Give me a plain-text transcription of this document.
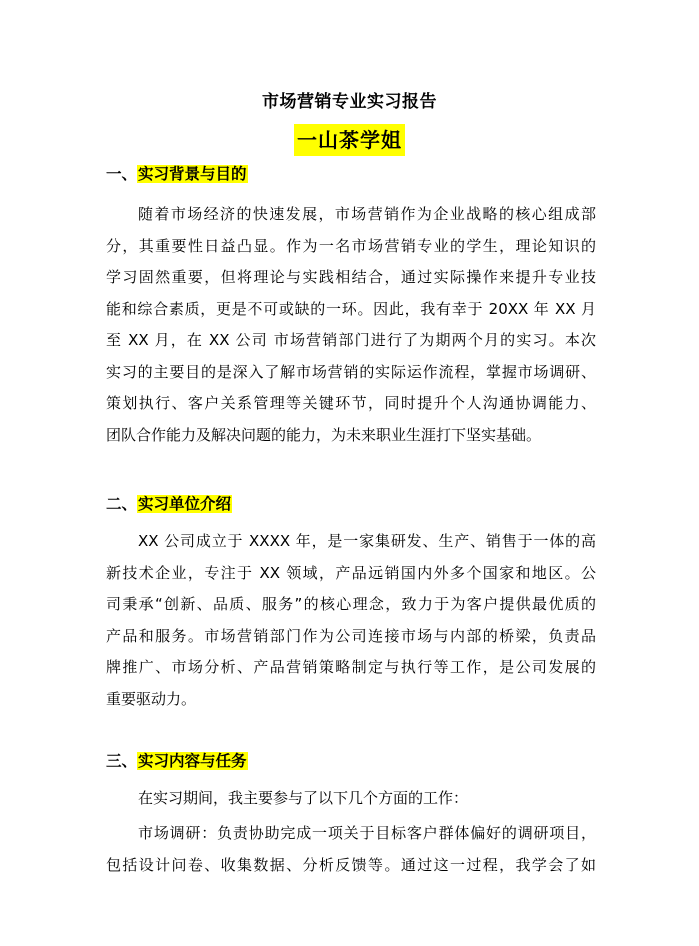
市场营销专业实习报告
一山茶学姐
一、实习背景与目的
随着市场经济的快速发展，市场营销作为企业战略的核心组成部
分，其重要性日益凸显。作为一名市场营销专业的学生，理论知识的
学习固然重要，但将理论与实践相结合，通过实际操作来提升专业技
能和综合素质，更是不可或缺的一环。因此，我有幸于 20XX 年 XX 月
至 XX 月，在 XX 公司 市场营销部门进行了为期两个月的实习。本次
实习的主要目的是深入了解市场营销的实际运作流程，掌握市场调研、
策划执行、客户关系管理等关键环节，同时提升个人沟通协调能力、
团队合作能力及解决问题的能力，为未来职业生涯打下坚实基础。
二、实习单位介绍
XX 公司成立于 XXXX 年，是一家集研发、生产、销售于一体的高
新技术企业，专注于 XX 领域，产品远销国内外多个国家和地区。公
司秉承“创新、品质、服务”的核心理念，致力于为客户提供最优质的
产品和服务。市场营销部门作为公司连接市场与内部的桥梁，负责品
牌推广、市场分析、产品营销策略制定与执行等工作，是公司发展的
重要驱动力。
三、实习内容与任务
在实习期间，我主要参与了以下几个方面的工作：
市场调研：负责协助完成一项关于目标客户群体偏好的调研项目，
包括设计问卷、收集数据、分析反馈等。通过这一过程，我学会了如
